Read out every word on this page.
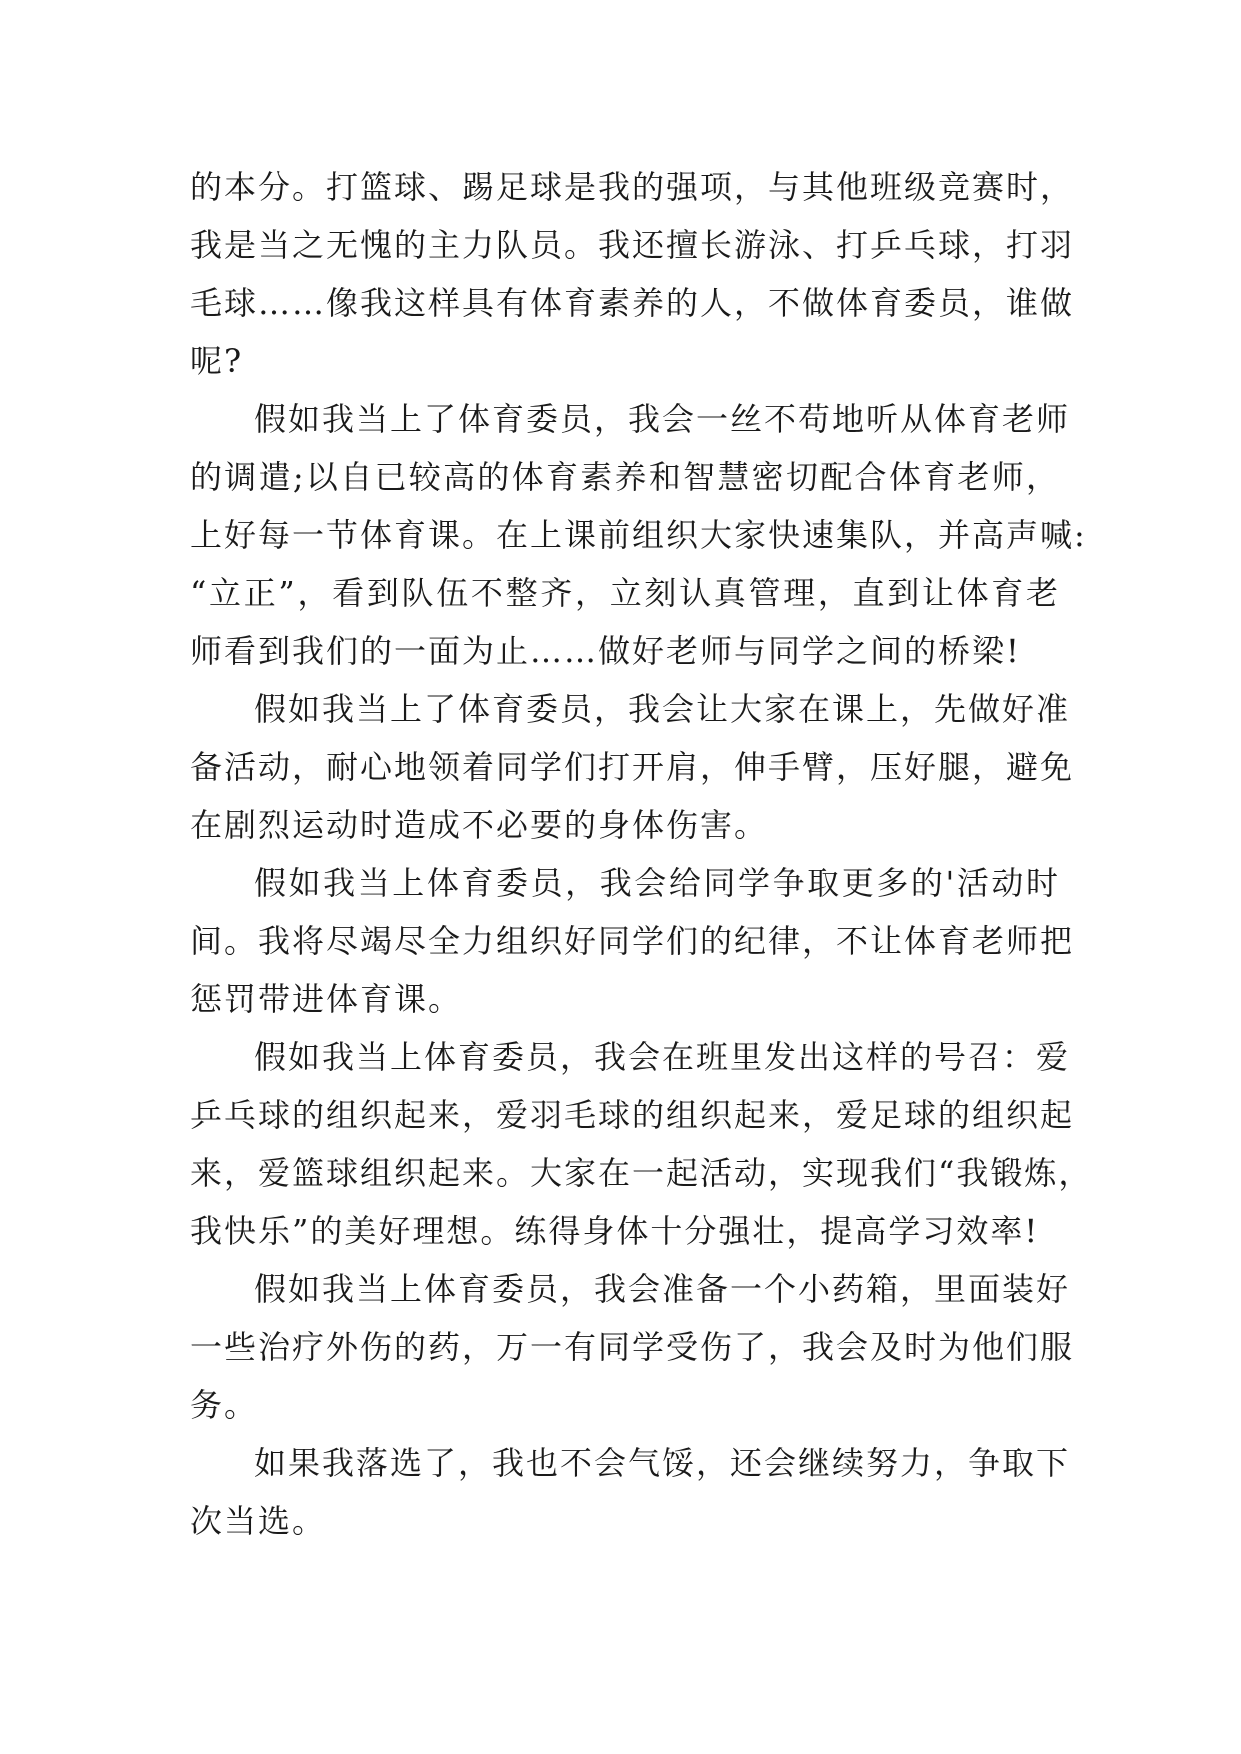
的本分。打篮球、踢足球是我的强项，与其他班级竞赛时，
我是当之无愧的主力队员。我还擅长游泳、打乒乓球，打羽
毛球……像我这样具有体育素养的人，不做体育委员，谁做
呢?
假如我当上了体育委员，我会一丝不苟地听从体育老师
的调遣;以自已较高的体育素养和智慧密切配合体育老师，
上好每一节体育课。在上课前组织大家快速集队，并高声喊:
“立正”，看到队伍不整齐，立刻认真管理，直到让体育老
师看到我们的一面为止……做好老师与同学之间的桥梁!
假如我当上了体育委员，我会让大家在课上，先做好准
备活动，耐心地领着同学们打开肩，伸手臂，压好腿，避免
在剧烈运动时造成不必要的身体伤害。
假如我当上体育委员，我会给同学争取更多的'活动时
间。我将尽竭尽全力组织好同学们的纪律，不让体育老师把
惩罚带进体育课。
假如我当上体育委员，我会在班里发出这样的号召：爱
乒乓球的组织起来，爱羽毛球的组织起来，爱足球的组织起
来，爱篮球组织起来。大家在一起活动，实现我们“我锻炼，
我快乐”的美好理想。练得身体十分强壮，提高学习效率!
假如我当上体育委员，我会准备一个小药箱，里面装好
一些治疗外伤的药，万一有同学受伤了，我会及时为他们服
务。
如果我落选了，我也不会气馁，还会继续努力，争取下
次当选。
